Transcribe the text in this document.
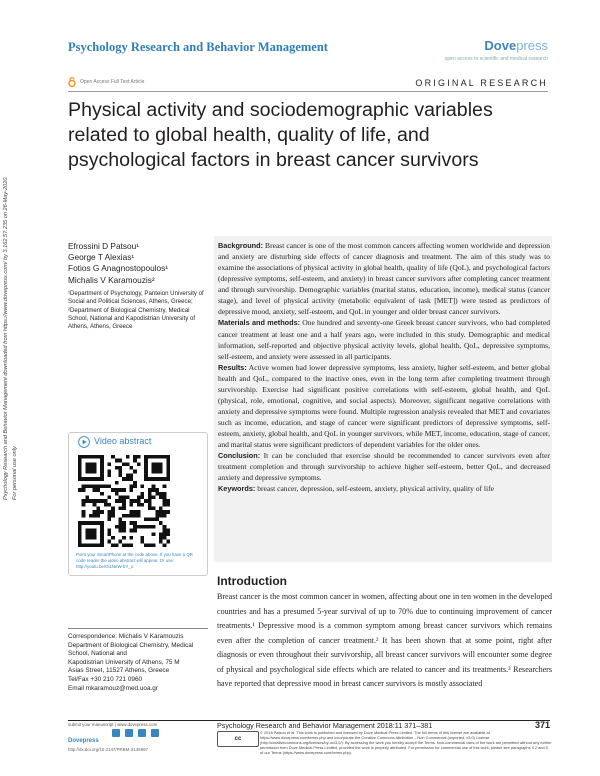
Psychology Research and Behavior Management	Dovepress
open access to scientific and medical research
Open Access Full Text Article	ORIGINAL RESEARCH
Physical activity and sociodemographic variables related to global health, quality of life, and psychological factors in breast cancer survivors
Psychology Research and Behavior Management downloaded from https://www.dovepress.com/ by 3.162.5?.235 on 26-May-2020 For personal use only.
Efrossini D Patsou¹
George T Alexias¹
Fotios G Anagnostopoulos¹
Michalis V Karamouzis²
¹Department of Psychology, Panteion University of Social and Political Sciences, Athens, Greece;
²Department of Biological Chemistry, Medical School, National and Kapodistrian University of Athens, Athens, Greece
Video abstract
Point your SmartPhone at the code above. If you have a QR code reader the video abstract will appear. Or use: http://youtu.be/Ol1NeW-bY_o
Correspondence: Michalis V Karamouzis
Department of Biological Chemistry, Medical School, National and
Kapodistrian University of Athens, 75 M
Asias Street, 11527 Athens, Greece
Tel/Fax +30 210 721 0960
Email mkaramouz@med.uoa.gr
Background: Breast cancer is one of the most common cancers affecting women worldwide and depression and anxiety are disturbing side effects of cancer diagnosis and treatment. The aim of this study was to examine the associations of physical activity in global health, quality of life (QoL), and psychological factors (depressive symptoms, self-esteem, and anxiety) in breast cancer survivors after completing cancer treatment and through survivorship. Demographic variables (marital status, education, income), medical status (cancer stage), and level of physical activity (metabolic equivalent of task [MET]) were tested as predictors of depressive mood, anxiety, self-esteem, and QoL in younger and older breast cancer survivors.
Materials and methods: One hundred and seventy-one Greek breast cancer survivors, who had completed cancer treatment at least one and a half years ago, were included in this study. Demographic and medical information, self-reported and objective physical activity levels, global health, QoL, depressive symptoms, self-esteem, and anxiety were assessed in all participants.
Results: Active women had lower depressive symptoms, less anxiety, higher self-esteem, and better global health and QoL, compared to the inactive ones, even in the long term after completing treatment through survivorship. Exercise had significant positive correlations with self-esteem, global health, and QoL (physical, role, emotional, cognitive, and social aspects). Moreover, significant negative correlations with anxiety and depressive symptoms were found. Multiple regression analysis revealed that MET and covariates such as income, education, and stage of cancer were significant predictors of depressive symptoms, self-esteem, anxiety, global health, and QoL in younger survivors, while MET, income, education, stage of cancer, and marital status were significant predictors of dependent variables for the older ones.
Conclusion: It can be concluded that exercise should be recommended to cancer survivors even after treatment completion and through survivorship to achieve higher self-esteem, better QoL, and decreased anxiety and depressive symptoms.
Keywords: breast cancer, depression, self-esteem, anxiety, physical activity, quality of life
Introduction
Breast cancer is the most common cancer in women, affecting about one in ten women in the developed countries and has a presumed 5-year survival of up to 70% due to continuing improvement of cancer treatments.¹ Depressive mood is a common symptom among breast cancer survivors which remains even after the completion of cancer treatment.² It has been shown that at some point, right after diagnosis or even throughout their survivorship, all breast cancer survivors will encounter some degree of physical and psychological side effects which are related to cancer and its treatments.³ Researchers have reported that depressive mood in breast cancer survivors is mostly associated
submit your manuscript | www.dovepress.com
Dovepress
http://dx.doi.org/10.2147/PRBM.S136897
Psychology Research and Behavior Management 2018:11 371–381	371
cc
© 2018 Patsou et al. This work is published and licensed by Dove Medical Press Limited. The full terms of this license are available at https://www.dovepress.com/terms.php and incorporate the Creative Commons Attribution – Non Commercial (unported, v3.0) License (http://creativecommons.org/licenses/by-nc/3.0/). By accessing the work you hereby accept the Terms. Non-commercial uses of the work are permitted without any further permission from Dove Medical Press Limited, provided the work is properly attributed. For permission for commercial use of this work, please see paragraphs 4.2 and 5 of our Terms (https://www.dovepress.com/terms.php).
